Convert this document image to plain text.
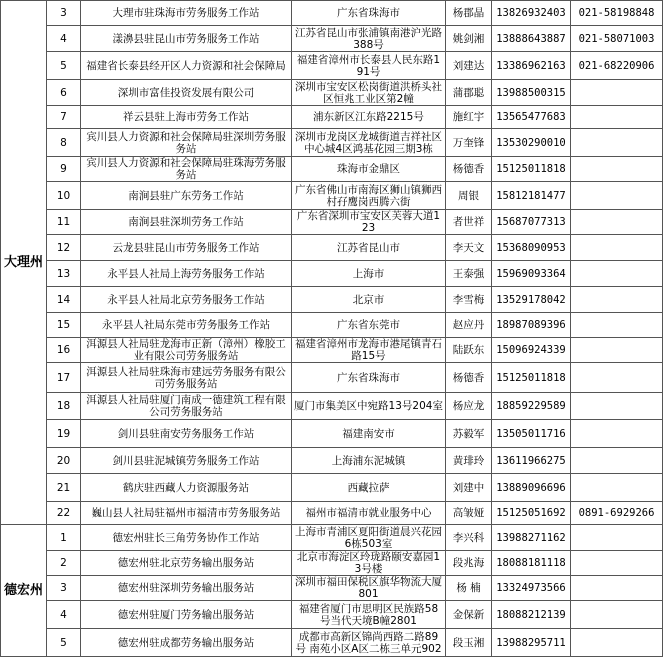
大理州	3	大理市驻珠海市劳务服务工作站	广东省珠海市	杨郡晶	13826932403	021-58198848
	4	漾濞县驻昆山市劳务服务工作站	江苏省昆山市张浦镇南港沪光路388号	姚剑湘	13888643887	021-58071003
	5	福建省长泰县经开区人力资源和社会保障局	福建省漳州市长泰县人民东路191号	刘建达	13386962163	021-68220906
	6	深圳市富佳投资发展有限公司	深圳市宝安区松岗街道洪桥头社区恒兆工业区第2幢	蒲郡聪	13988500315	
	7	祥云县驻上海市劳务工作站	浦东新区江东路2215号	施红宇	13565477683	
	8	宾川县人力资源和社会保障局驻深圳劳务服务站	深圳市龙岗区龙城街道吉祥社区中心城4区鸿基花园三期3栋	万奎锋	13530290010	
	9	宾川县人力资源和社会保障局驻珠海劳务服务站	珠海市金鼎区	杨德香	15125011818	
	10	南涧县驻广东劳务工作站	广东省佛山市南海区狮山镇狮西村孖鹰岗西腾六街	周银	15812181477	
	11	南涧县驻深圳劳务工作站	广东省深圳市宝安区芙蓉大道123	者世祥	15687077313	
	12	云龙县驻昆山市劳务服务工作站	江苏省昆山市	李天文	15368090953	
	13	永平县人社局上海劳务服务工作站	上海市	王泰强	15969093364	
	14	永平县人社局北京劳务服务工作站	北京市	李雪梅	13529178042	
	15	永平县人社局东莞市劳务服务工作站	广东省东莞市	赵应丹	18987089396	
	16	洱源县人社局驻龙海市正新（漳州）橡胶工业有限公司劳务服务站	福建省漳州市龙海市港尾镇青石路15号	陆跃东	15096924339	
	17	洱源县人社局驻珠海市建远劳务服务有限公司劳务服务站	广东省珠海市	杨德香	15125011818	
	18	洱源县人社局驻厦门南成一德建筑工程有限公司劳务服务站	厦门市集美区中宛路13号204室	杨应龙	18859229589	
	19	剑川县驻南安劳务服务工作站	福建南安市	苏毅军	13505011716	
	20	剑川县驻泥城镇劳务服务工作站	上海浦东泥城镇	黄琲玲	13611966275	
	21	鹤庆驻西藏人力资源服务站	西藏拉萨	刘建中	13889096696	
	22	巍山县人社局驻福州市福清市劳务服务站	福州市福清市就业服务中心	高皱娅	15125051692	0891-6929266
德宏州	1	德宏州驻长三角劳务协作工作站	上海市青浦区夏阳街道晨兴花园6栋503室	李兴科	13988271162	
	2	德宏州驻北京劳务输出服务站	北京市海淀区玲珑路颐安嘉园13号楼	段兆海	18088181118	
	3	德宏州驻深圳劳务输出服务站	深圳市福田保税区旗华物流大厦801	杨 楠	13324973566	
	4	德宏州驻厦门劳务输出服务站	福建省厦门市思明区民族路58号当代天境B幢2801	金保新	18088212139	
	5	德宏州驻成都劳务输出服务站	成都市高新区锦尚西路二路89号 南苑小区A区二栋三单元902	段玉湘	13988295711	
